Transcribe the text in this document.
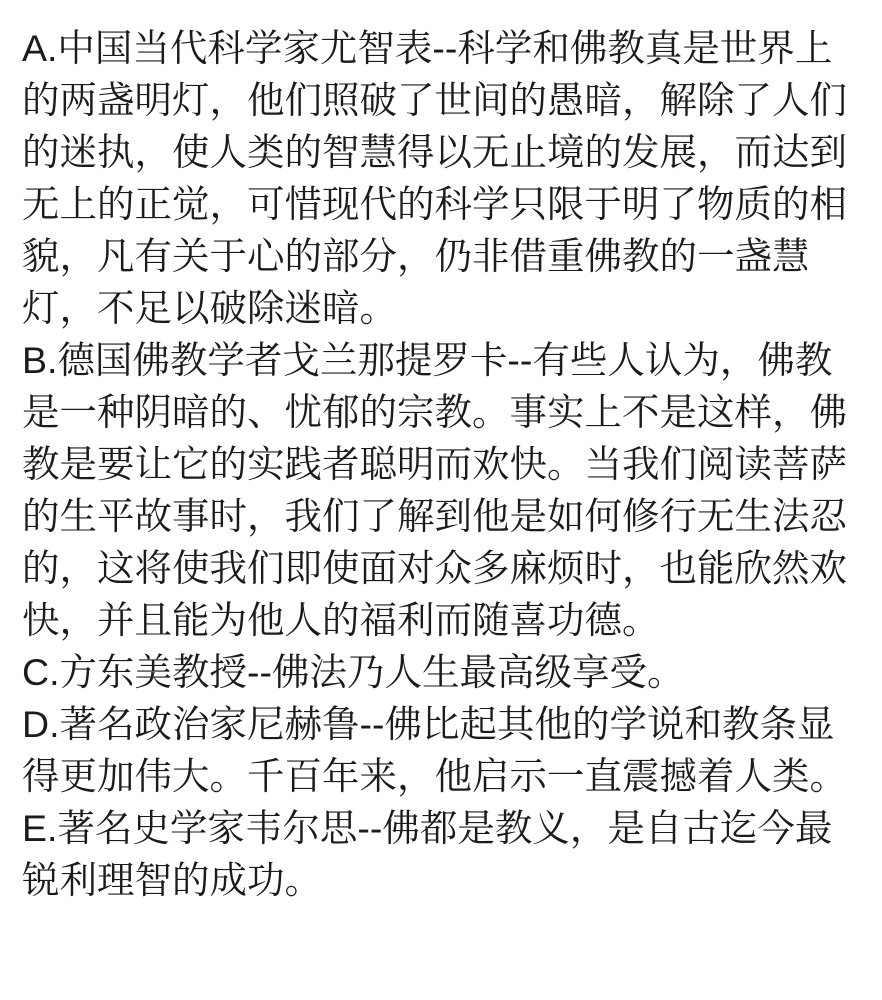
A.中国当代科学家尤智表--科学和佛教真是世界上的两盏明灯，他们照破了世间的愚暗，解除了人们的迷执，使人类的智慧得以无止境的发展，而达到无上的正觉，可惜现代的科学只限于明了物质的相貌，凡有关于心的部分，仍非借重佛教的一盏慧灯，不足以破除迷暗。

B.德国佛教学者戈兰那提罗卡--有些人认为，佛教是一种阴暗的、忧郁的宗教。事实上不是这样，佛教是要让它的实践者聪明而欢快。当我们阅读菩萨的生平故事时，我们了解到他是如何修行无生法忍的，这将使我们即使面对众多麻烦时，也能欣然欢快，并且能为他人的福利而随喜功德。

C.方东美教授--佛法乃人生最高级享受。

D.著名政治家尼赫鲁--佛比起其他的学说和教条显得更加伟大。千百年来，他启示一直震撼着人类。

E.著名史学家韦尔思--佛都是教义，是自古迄今最锐利理智的成功。
